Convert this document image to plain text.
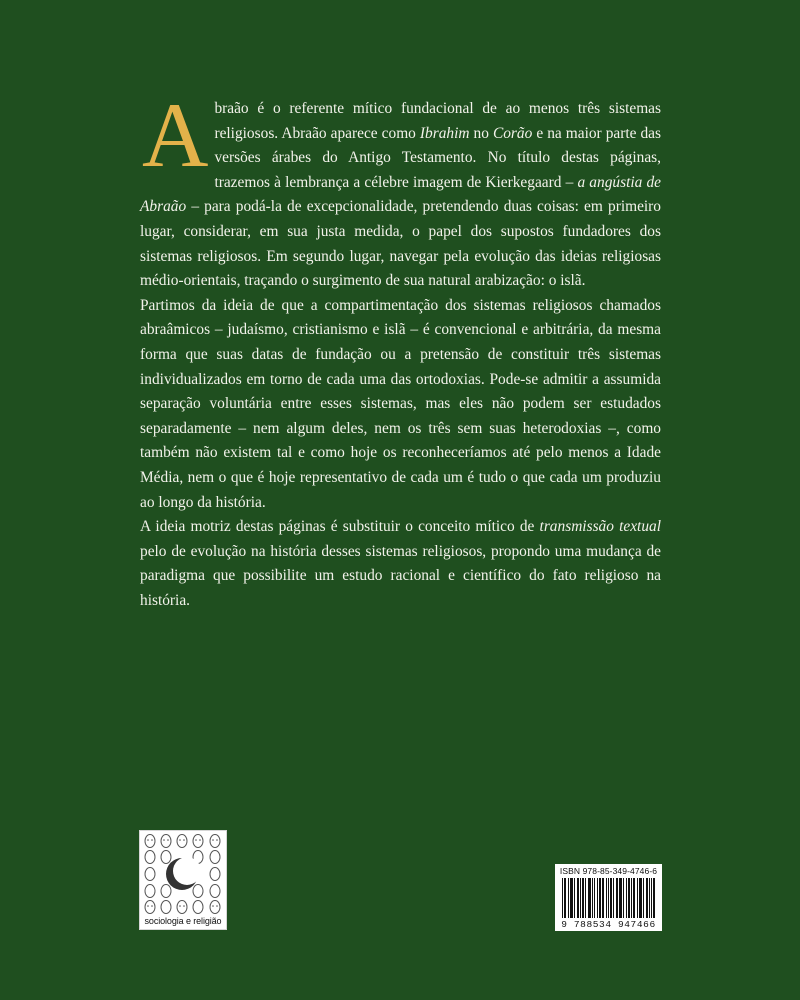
Abraão é o referente mítico fundacional de ao menos três sistemas religiosos. Abraão aparece como Ibrahim no Corão e na maior parte das versões árabes do Antigo Testamento. No título destas páginas, trazemos à lembrança a célebre imagem de Kierkegaard – a angústia de Abraão – para podá-la de excepcionalidade, pretendendo duas coisas: em primeiro lugar, considerar, em sua justa medida, o papel dos supostos fundadores dos sistemas religiosos. Em segundo lugar, navegar pela evolução das ideias religiosas médio-orientais, traçando o surgimento de sua natural arabização: o islã.

Partimos da ideia de que a compartimentação dos sistemas religiosos chamados abraâmicos – judaísmo, cristianismo e islã – é convencional e arbitrária, da mesma forma que suas datas de fundação ou a pretensão de constituir três sistemas individualizados em torno de cada uma das ortodoxias. Pode-se admitir a assumida separação voluntária entre esses sistemas, mas eles não podem ser estudados separadamente – nem algum deles, nem os três sem suas heterodoxias –, como também não existem tal e como hoje os reconheceríamos até pelo menos a Idade Média, nem o que é hoje representativo de cada um é tudo o que cada um produziu ao longo da história.

A ideia motriz destas páginas é substituir o conceito mítico de transmissão textual pelo de evolução na história desses sistemas religiosos, propondo uma mudança de paradigma que possibilite um estudo racional e científico do fato religioso na história.

sociologia e religião
ISBN 978-85-349-4746-6
9 788534 947466
